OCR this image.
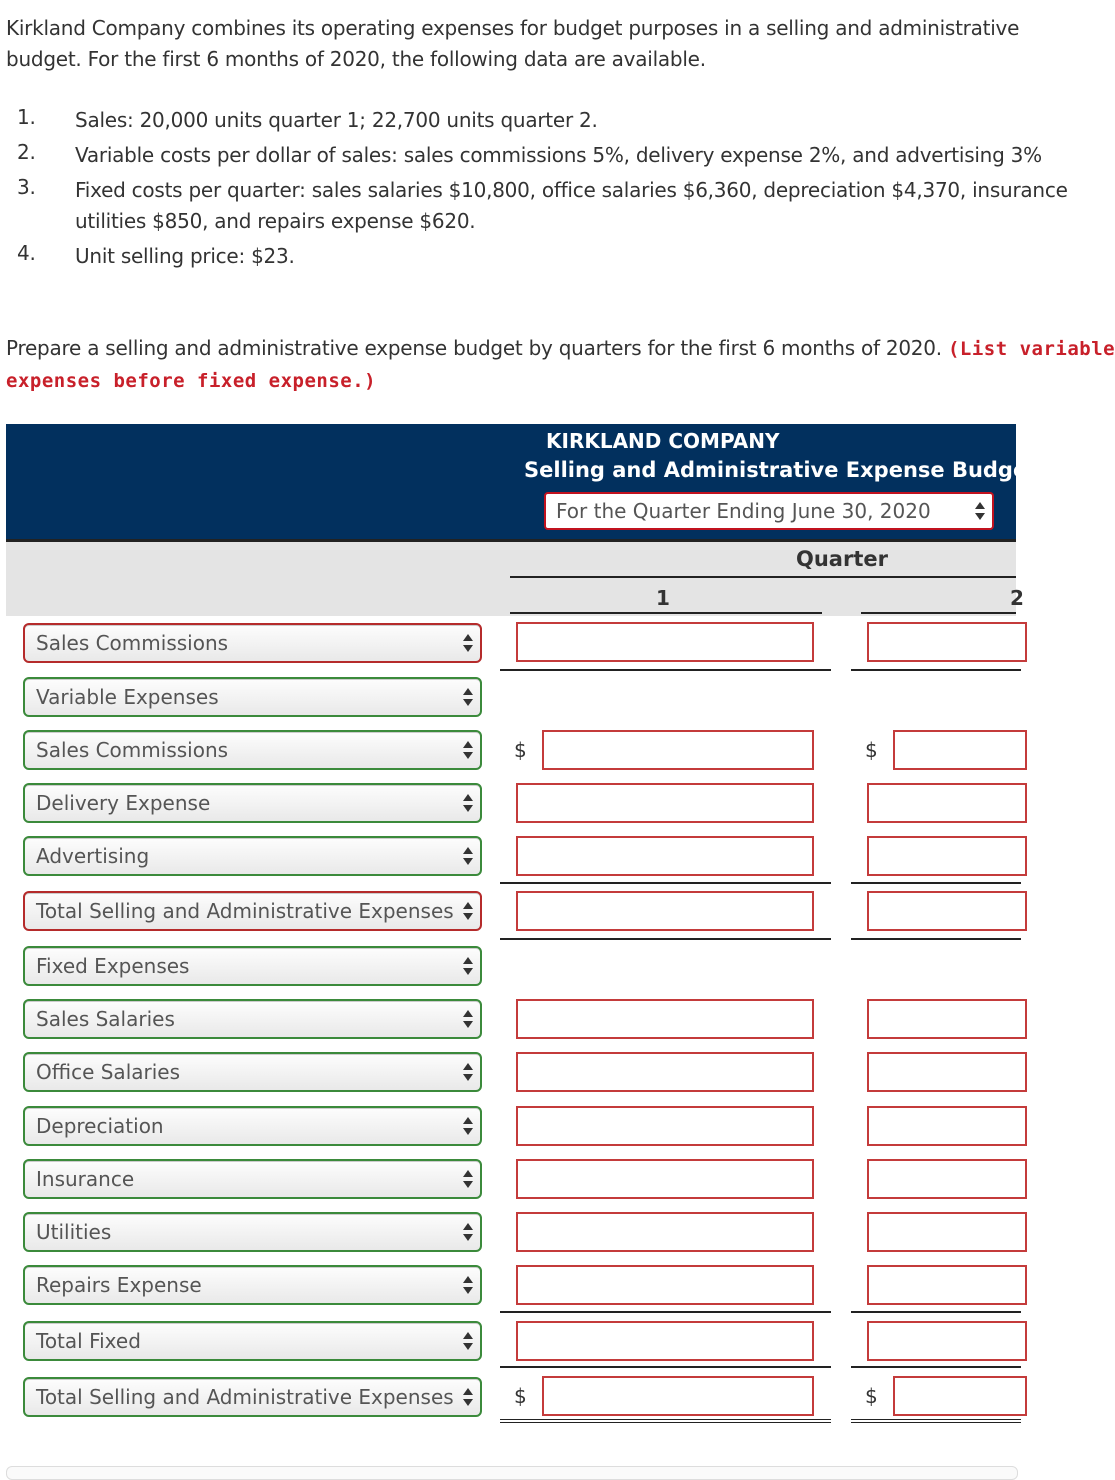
Kirkland Company combines its operating expenses for budget purposes in a selling and administrative budget. For the first 6 months of 2020, the following data are available.
1. Sales: 20,000 units quarter 1; 22,700 units quarter 2.
2. Variable costs per dollar of sales: sales commissions 5%, delivery expense 2%, and advertising 3%
3. Fixed costs per quarter: sales salaries $10,800, office salaries $6,360, depreciation $4,370, insurance
utilities $850, and repairs expense $620.
4. Unit selling price: $23.
Prepare a selling and administrative expense budget by quarters for the first 6 months of 2020. (List variable
expenses before fixed expense.)
KIRKLAND COMPANY
Selling and Administrative Expense Budget
For the Quarter Ending June 30, 2020
Quarter
1	2
Sales Commissions
Variable Expenses
Sales Commissions	$	$
Delivery Expense
Advertising
Total Selling and Administrative Expenses
Fixed Expenses
Sales Salaries
Office Salaries
Depreciation
Insurance
Utilities
Repairs Expense
Total Fixed
Total Selling and Administrative Expenses	$	$
